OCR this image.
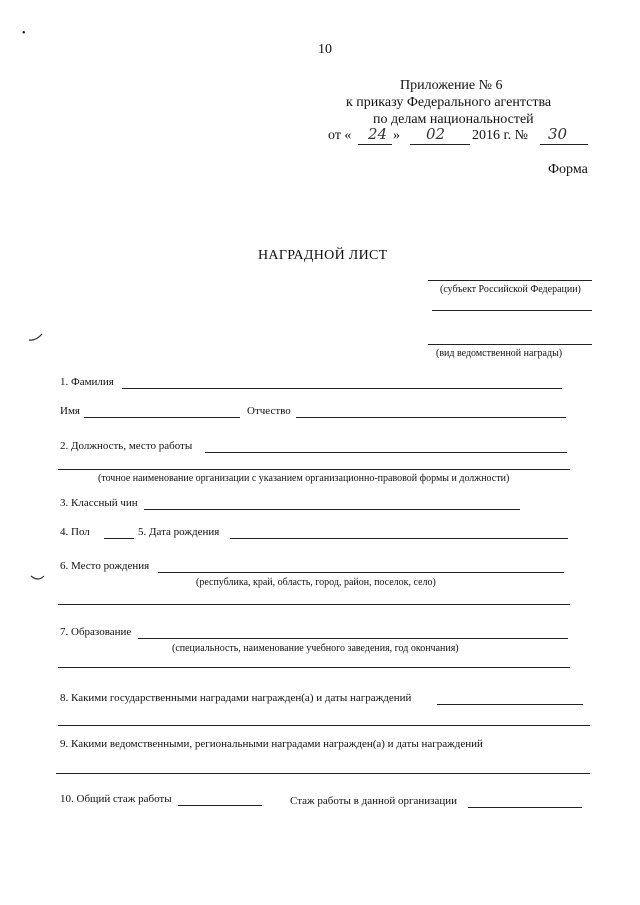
•
10
Приложение № 6
к приказу Федерального агентства
по делам национальностей
от « 24 » 02 2016 г. № 30
Форма
НАГРАДНОЙ ЛИСТ
(субъект Российской Федерации)
(вид ведомственной награды)
1. Фамилия
Имя	Отчество
2. Должность, место работы
(точное наименование организации с указанием организационно-правовой формы и должности)
3. Классный чин
4. Пол	5. Дата рождения
6. Место рождения
(республика, край, область, город, район, поселок, село)
7. Образование
(специальность, наименование учебного заведения, год окончания)
8. Какими государственными наградами награжден(а) и даты награждений
9. Какими ведомственными, региональными наградами награжден(а) и даты награждений
10. Общий стаж работы	Стаж работы в данной организации
